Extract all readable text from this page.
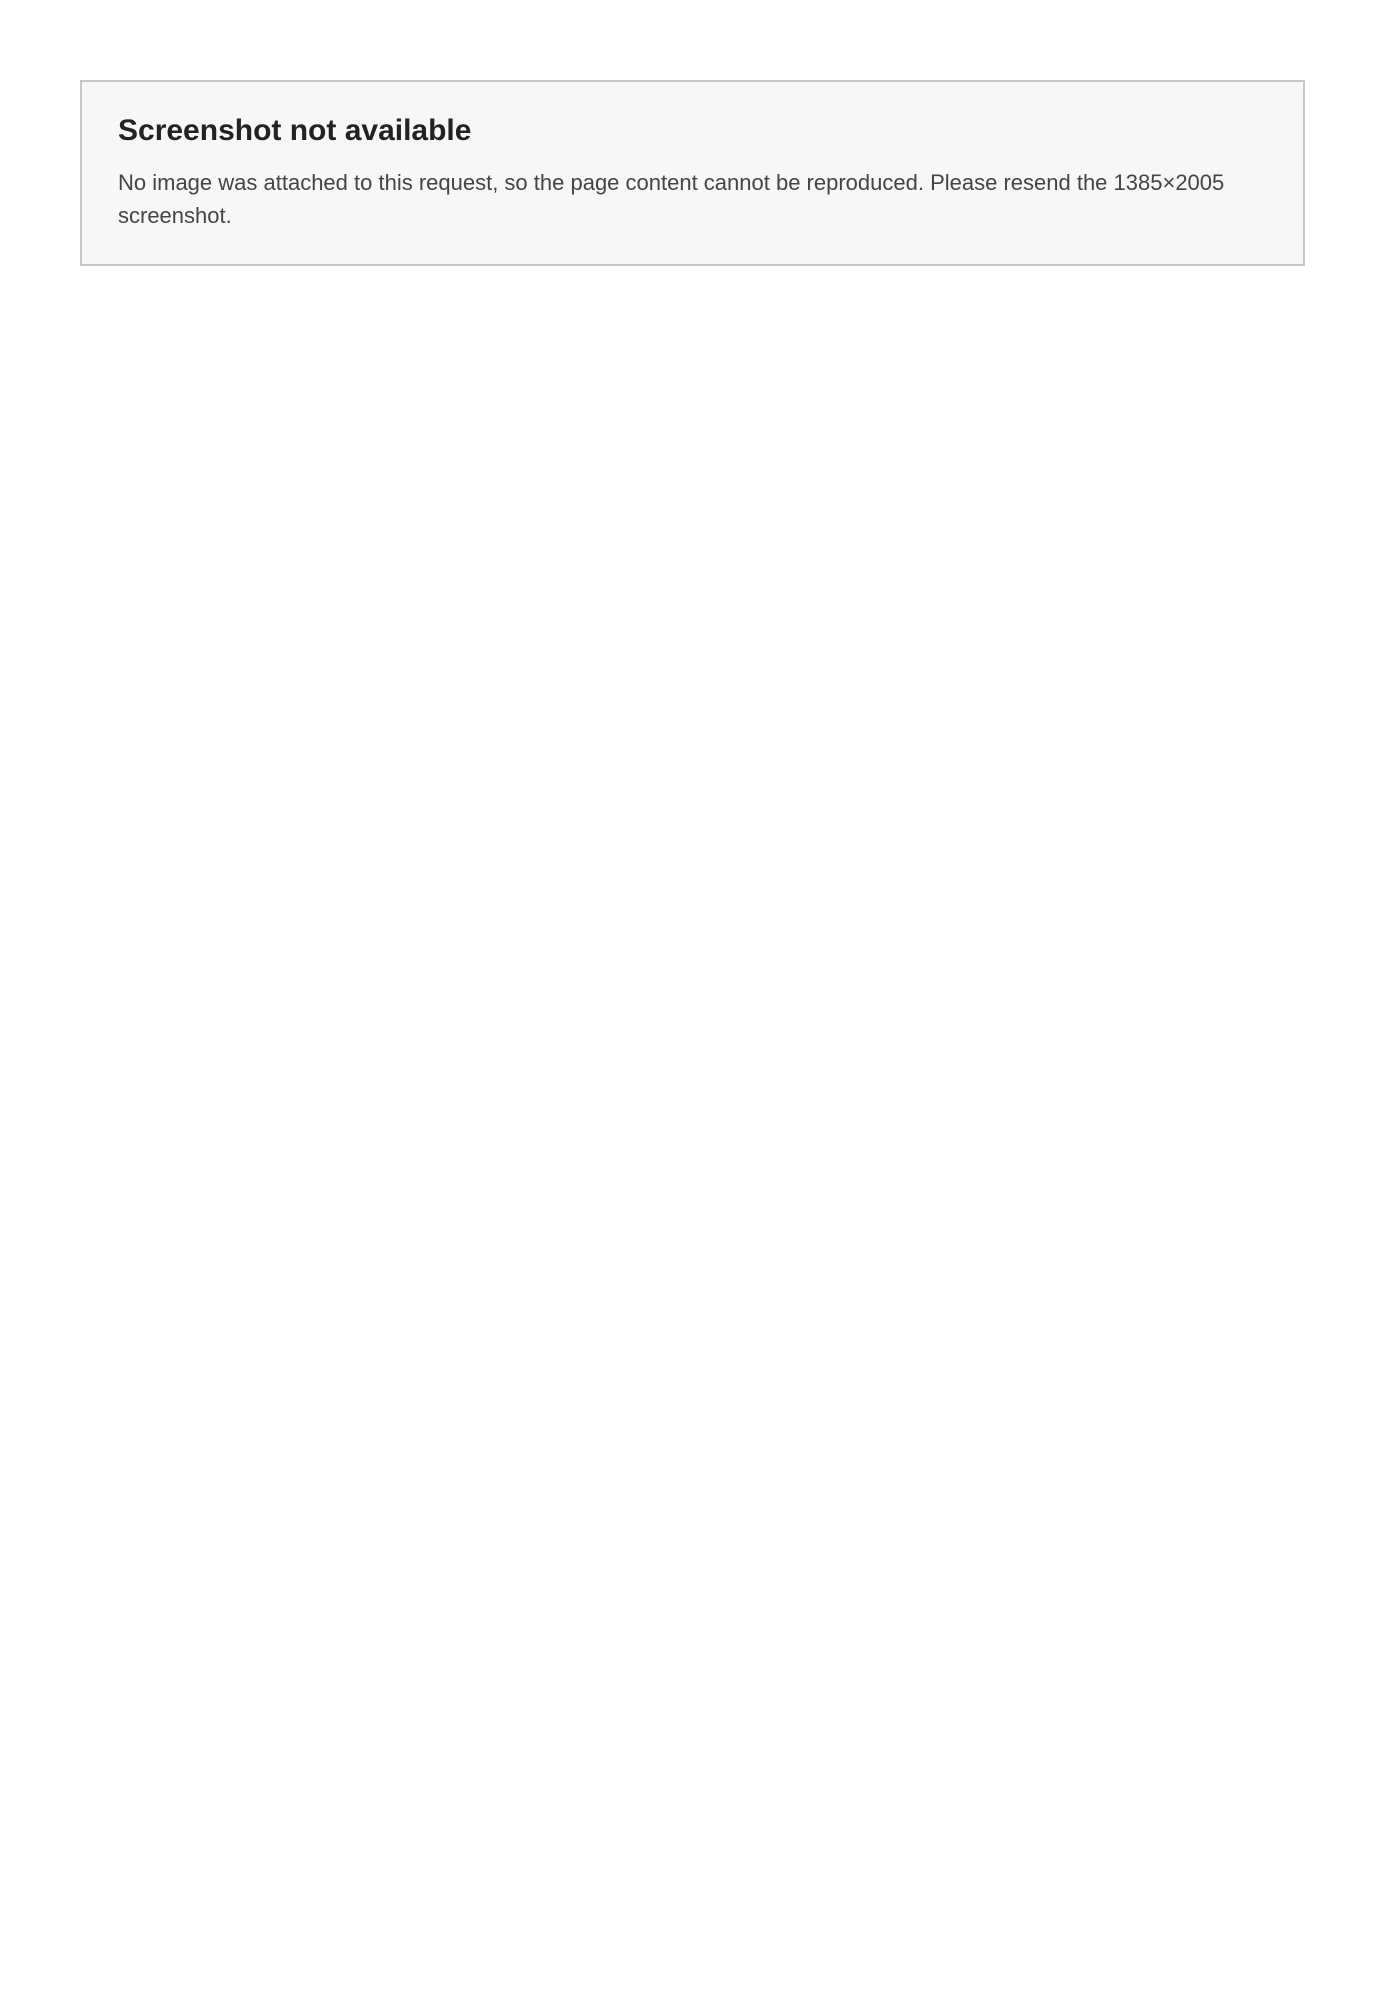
Screenshot not available

No image was attached to this request, so the page content cannot be reproduced. Please resend the 1385×2005 screenshot.
